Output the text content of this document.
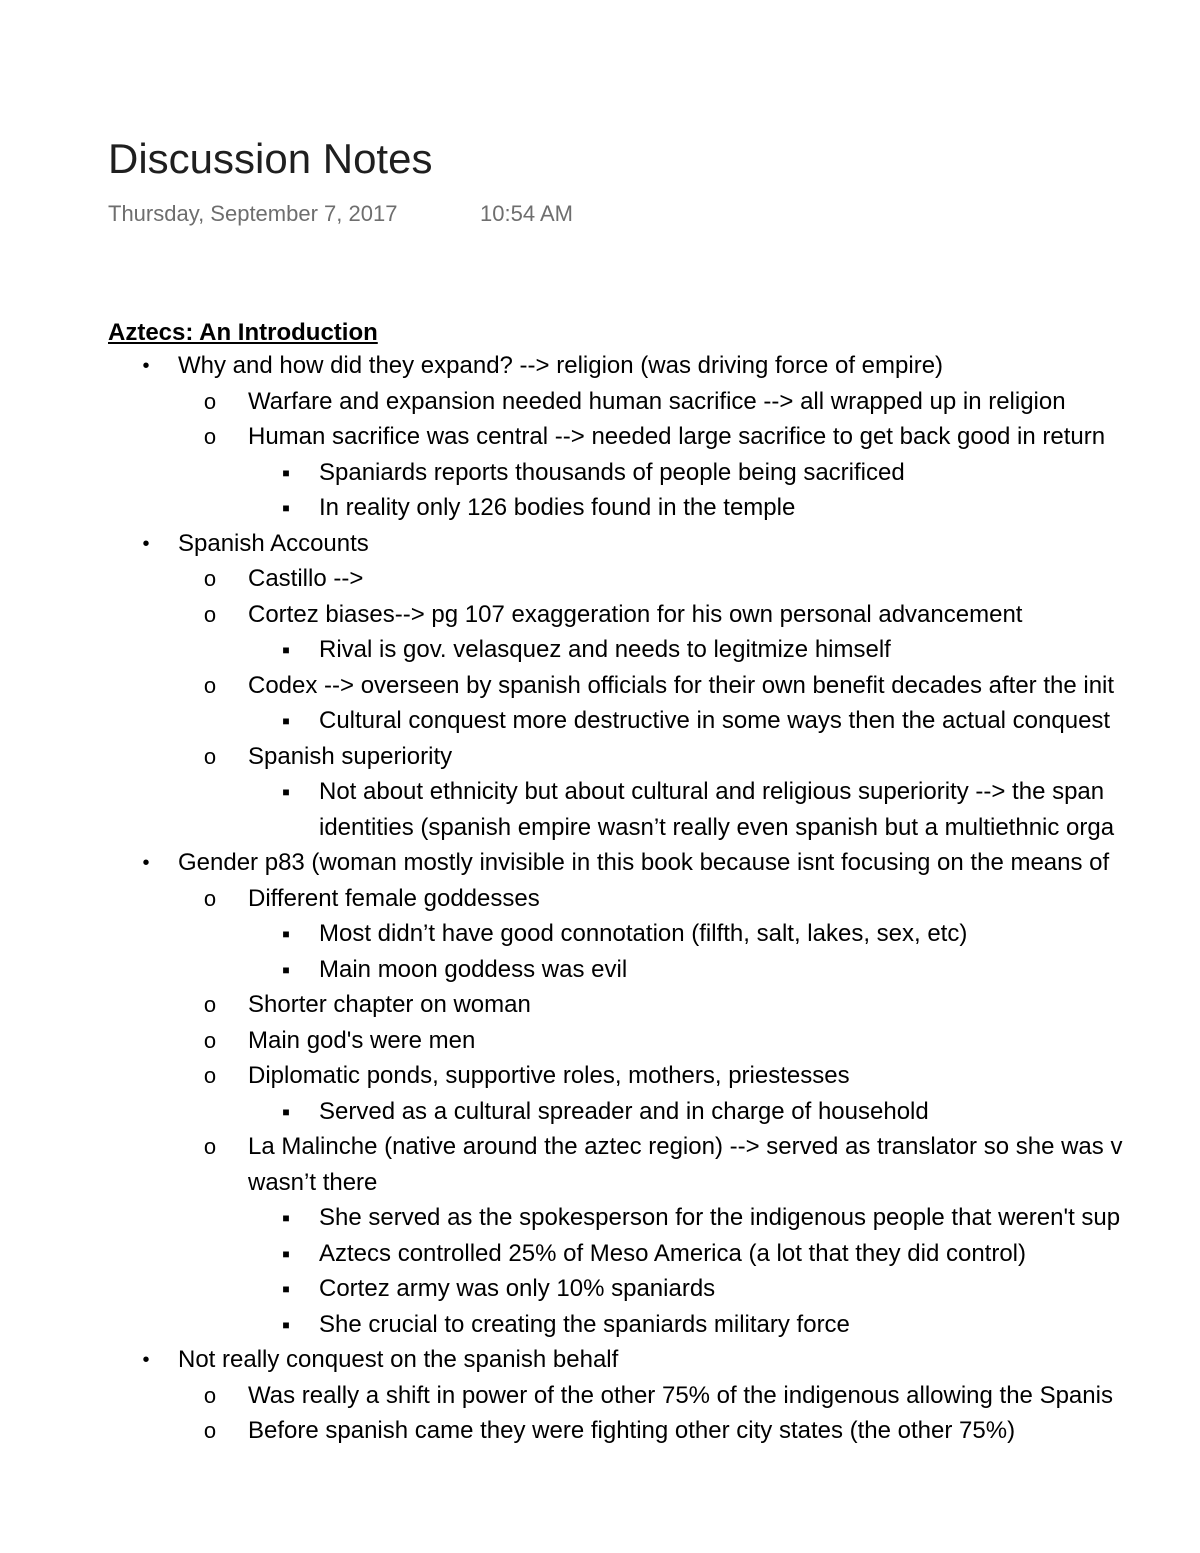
Discussion Notes
Thursday, September 7, 2017	10:54 AM
Aztecs: An Introduction
• Why and how did they expand? --> religion (was driving force of empire)
o Warfare and expansion needed human sacrifice --> all wrapped up in religion
o Human sacrifice was central --> needed large sacrifice to get back good in return
■ Spaniards reports thousands of people being sacrificed
■ In reality only 126 bodies found in the temple
• Spanish Accounts
o Castillo -->
o Cortez biases--> pg 107 exaggeration for his own personal advancement
■ Rival is gov. velasquez and needs to legitmize himself
o Codex --> overseen by spanish officials for their own benefit decades after the init
■ Cultural conquest more destructive in some ways then the actual conquest
o Spanish superiority
■ Not about ethnicity but about cultural and religious superiority --> the span
identities (spanish empire wasn’t really even spanish but a multiethnic orga
• Gender p83 (woman mostly invisible in this book because isnt focusing on the means of
o Different female goddesses
■ Most didn’t have good connotation (filfth, salt, lakes, sex, etc)
■ Main moon goddess was evil
o Shorter chapter on woman
o Main god's were men
o Diplomatic ponds, supportive roles, mothers, priestesses
■ Served as a cultural spreader and in charge of household
o La Malinche (native around the aztec region) --> served as translator so she was v
wasn’t there
■ She served as the spokesperson for the indigenous people that weren't sup
■ Aztecs controlled 25% of Meso America (a lot that they did control)
■ Cortez army was only 10% spaniards
■ She crucial to creating the spaniards military force
• Not really conquest on the spanish behalf
o Was really a shift in power of the other 75% of the indigenous allowing the Spanis
o Before spanish came they were fighting other city states (the other 75%)
